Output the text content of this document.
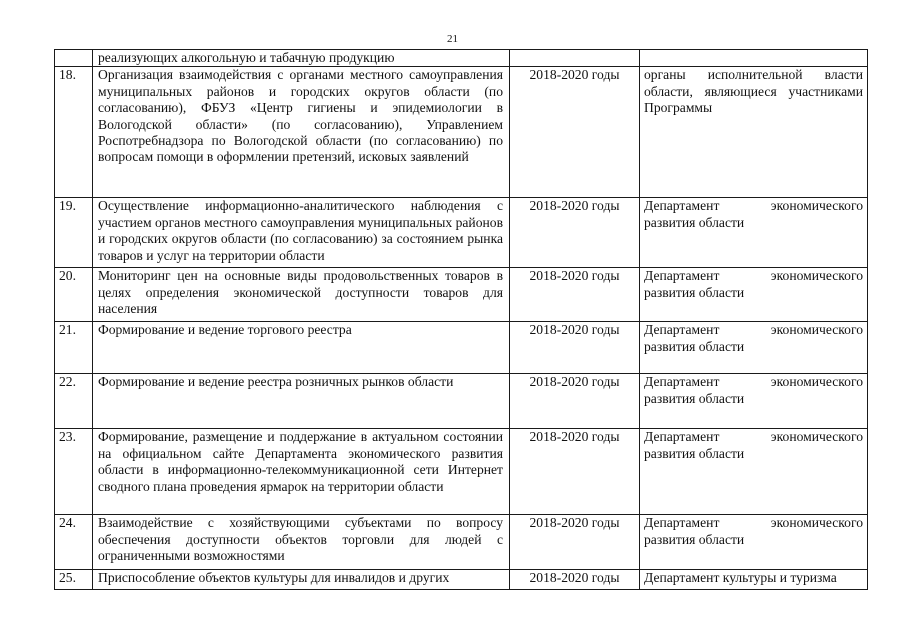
21
	реализующих алкогольную и табачную продукцию		
18.	Организация взаимодействия с органами местного самоуправления муниципальных районов и городских округов области (по согласованию), ФБУЗ «Центр гигиены и эпидемиологии в Вологодской области» (по согласованию), Управлением Роспотребнадзора по Вологодской области (по согласованию) по вопросам помощи в оформлении претензий, исковых заявлений	2018-2020 годы	органы исполнительной власти области, являющиеся участниками Программы
19.	Осуществление информационно-аналитического наблюдения с участием органов местного самоуправления муниципальных районов и городских округов области (по согласованию) за состоянием рынка товаров и услуг на территории области	2018-2020 годы	Департамент экономического
развития области

20.	Мониторинг цен на основные виды продовольственных товаров в целях определения экономической доступности товаров для населения	2018-2020 годы	Департамент экономического
развития области

21.	Формирование и ведение торгового реестра	2018-2020 годы	Департамент экономического
развития области

22.	Формирование и ведение реестра розничных рынков области	2018-2020 годы	Департамент экономического
развития области

23.	Формирование, размещение и поддержание в актуальном состоянии на официальном сайте Департамента экономического развития области в информационно-телекоммуникационной сети Интернет сводного плана проведения ярмарок на территории области	2018-2020 годы	Департамент экономического
развития области

24.	Взаимодействие с хозяйствующими субъектами по вопросу обеспечения доступности объектов торговли для людей с ограниченными возможностями	2018-2020 годы	Департамент экономического
развития области

25.	Приспособление объектов культуры для инвалидов и других	2018-2020 годы	Департамент культуры и туризма
